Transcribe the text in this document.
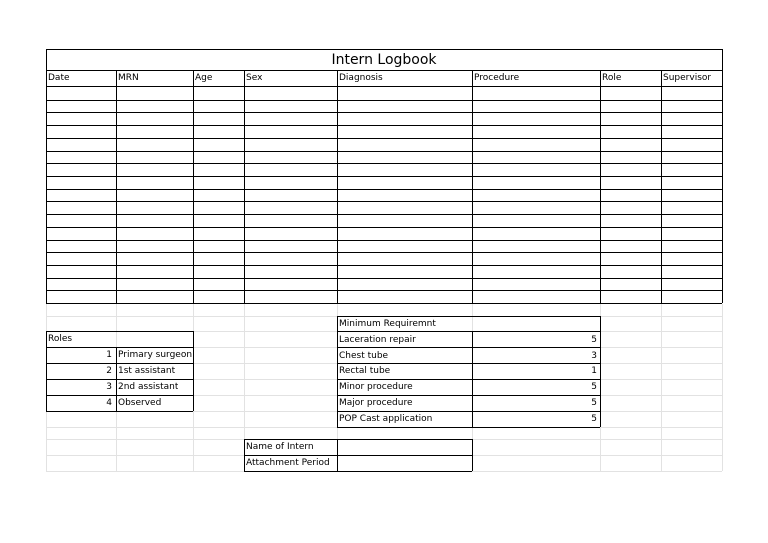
Intern Logbook
Date	MRN	Age	Sex	Diagnosis	Procedure	Role	Supervisor
Roles
1 Primary surgeon
2 1st assistant
3 2nd assistant
4 Observed
Minimum Requiremnt
Laceration repair	5
Chest tube	3
Rectal tube	1
Minor procedure	5
Major procedure	5
POP Cast application	5
Name of Intern
Attachment Period
